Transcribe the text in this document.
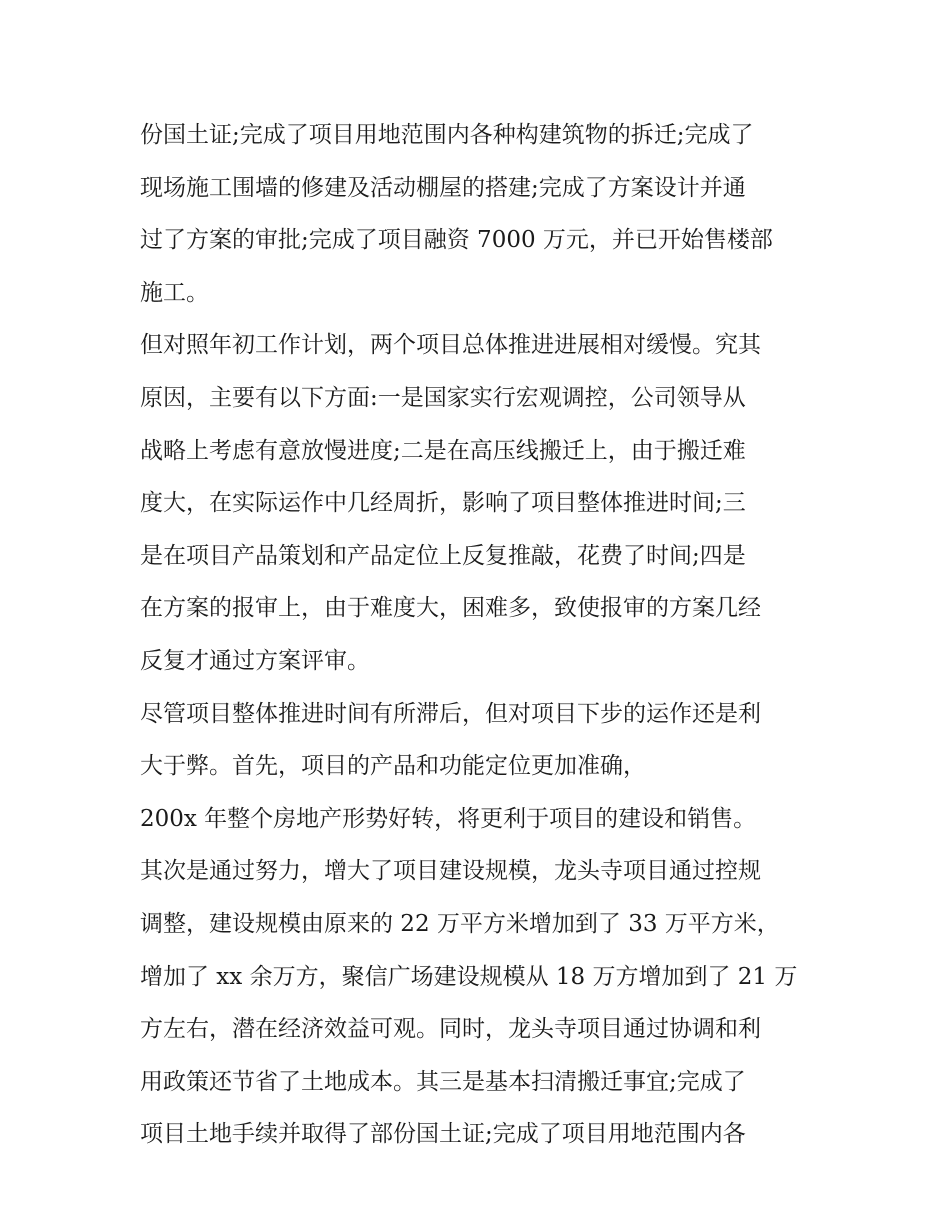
份国土证;完成了项目用地范围内各种构建筑物的拆迁;完成了
现场施工围墙的修建及活动棚屋的搭建;完成了方案设计并通
过了方案的审批;完成了项目融资 7000 万元，并已开始售楼部
施工。
但对照年初工作计划，两个项目总体推进进展相对缓慢。究其
原因，主要有以下方面:一是国家实行宏观调控，公司领导从
战略上考虑有意放慢进度;二是在高压线搬迁上，由于搬迁难
度大，在实际运作中几经周折，影响了项目整体推进时间;三
是在项目产品策划和产品定位上反复推敲，花费了时间;四是
在方案的报审上，由于难度大，困难多，致使报审的方案几经
反复才通过方案评审。
尽管项目整体推进时间有所滞后，但对项目下步的运作还是利
大于弊。首先，项目的产品和功能定位更加准确，
200x 年整个房地产形势好转，将更利于项目的建设和销售。
其次是通过努力，增大了项目建设规模，龙头寺项目通过控规
调整，建设规模由原来的 22 万平方米增加到了 33 万平方米，
增加了 xx 余万方，聚信广场建设规模从 18 万方增加到了 21 万
方左右，潜在经济效益可观。同时，龙头寺项目通过协调和利
用政策还节省了土地成本。其三是基本扫清搬迁事宜;完成了
项目土地手续并取得了部份国土证;完成了项目用地范围内各
